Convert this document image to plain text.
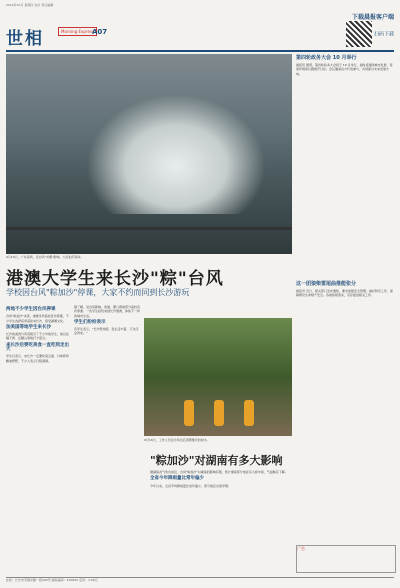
2019年10月 星期四 农历 责任编辑
世相	Morning Express
A07
下载晨报客户端
扫码下载
9月16日，广东深圳，受台风"米娜"影响，大浪拍打海岸。
第四轮政务大会 10 月举行
晨报讯 据悉，第四轮政务大会将于 10 月举行，届时将围绕城市发展、营商环境等议题展开讨论。会议邀请各方代表参与，共同探讨未来发展方向。
港澳大学生来长沙"粽"台风
学校因台风"粽加沙"停课，大家不约而同到长沙游玩
两地不少学生因台风停课
台风"粽加沙"来袭，港澳多所高校宣布停课，不少学生选择搭乘高铁来长沙，感受湖湘文化。
加美国等地学生来长沙
长沙的美食与风景吸引了不少外地学生，他们在橘子洲、岳麓山等地打卡留念。
来长沙后要吃美食一直吃到走出天
学生们表示，来长沙一定要吃臭豆腐、口味虾和糖油粑粑，不少人表示行程满满。
据了解，受台风影响，香港、澳门两地部分高校宣布停课。一些学生趁机来到长沙旅游，体验不一样的城市生活。
学生们纷纷表示
有学生表示，"长沙很热闹，夜生活丰富，下次还会再来。"
9月16日，工作人员在台风过后清理倒伏的树木。
"粽加沙"对湖南有多大影响
据湖南省气象台消息，台风"粽加沙"对湖南的影响有限，预计湘南部分地区有小到中雨，气温略有下降。
全省今年降雨量比常年偏少
今年以来，全省平均降雨量比常年偏少，部分地区出现旱情。
这一团狼柴雷尾曲推能张分
晨报讯 近日，相关部门发布通知，要求加强安全管理，做好防范工作，保障群众生命财产安全。各地积极落实，有序推进相关工作。
广告
社址：长沙市芙蓉中路一段442号 邮政编码：410005 定价：1.00元
